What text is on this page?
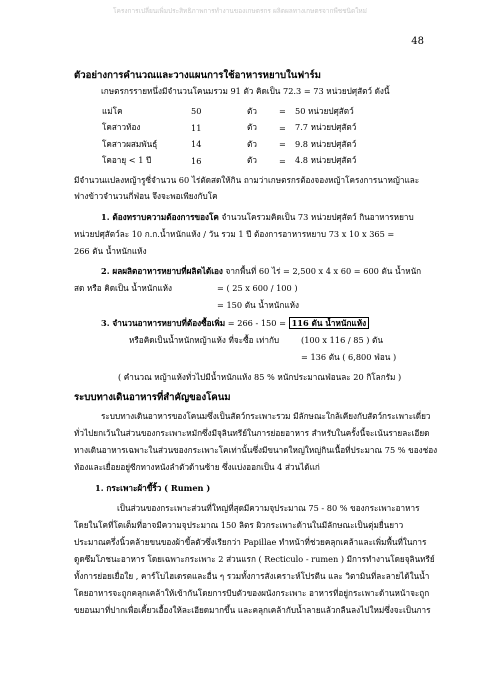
โครงการเปลี่ยนเพิ่มประสิทธิภาพการทำงานของเกษตรกร ผลิตผลทางเกษตรจากพืชชนิดใหม่
48
ตัวอย่างการคำนวณและวางแผนการใช้อาหารหยาบในฟาร์ม
เกษตรกรรายหนึ่งมีจำนวนโคนมรวม 91 ตัว คิดเป็น 72.3 = 73 หน่วยปศุสัตว์ ดังนี้
แม่โค	50	ตัว	=	50 หน่วยปศุสัตว์
โคสาวท้อง	11	ตัว	=	7.7 หน่วยปศุสัตว์
โคสาวผสมพันธุ์	14	ตัว	=	9.8 หน่วยปศุสัตว์
โคอายุ < 1 ปี	16	ตัว	=	4.8 หน่วยปศุสัตว์
มีจำนวนแปลงหญ้ารูซี่จำนวน 60 ไร่ตัดสดให้กิน ถามว่าเกษตรกรต้องจองหญ้าโครงการนาหญ้าและ
ฟางข้าวจำนวนกี่ฟ่อน จึงจะพอเพียงกับโค
1. ต้องทราบความต้องการของโค จำนวนโครวมคิดเป็น 73 หน่วยปศุสัตว์ กินอาหารหยาบ
หน่วยปศุสัตว์ละ 10 ก.ก.น้ำหนักแห้ง / วัน รวม 1 ปี ต้องการอาหารหยาบ 73 x 10 x 365 =
266 ตัน น้ำหนักแห้ง
2. ผลผลิตอาหารหยาบที่ผลิตได้เอง จากพื้นที่ 60 ไร่ = 2,500 x 4 x 60 = 600 ตัน น้ำหนัก
สด หรือ คิดเป็น น้ำหนักแห้ง	= ( 25 x 600 / 100 )
= 150 ตัน น้ำหนักแห้ง
3. จำนวนอาหารหยาบที่ต้องซื้อเพิ่ม = 266 - 150 = 116 ตัน น้ำหนักแห้ง
หรือคิดเป็นน้ำหนักหญ้าแห้ง ที่จะซื้อ เท่ากับ	(100 x 116 / 85 ) ตัน
= 136 ตัน ( 6,800 ฟ่อน )
( คำนวณ หญ้าแห้งทั่วไปมีน้ำหนักแห้ง 85 % หนักประมาณฟ่อนละ 20 กิโลกรัม )
ระบบทางเดินอาหารที่สำคัญของโคนม
ระบบทางเดินอาหารของโคนมซึ่งเป็นสัตว์กระเพาะรวม มีลักษณะใกล้เคียงกับสัตว์กระเพาะเดี่ยว
ทั่วไปยกเว้นในส่วนของกระเพาะหมักซึ่งมีจุลินทรีย์ในการย่อยอาหาร สำหรับในครั้งนี้จะเน้นรายละเอียด
ทางเดินอาหารเฉพาะในส่วนของกระเพาะโคเท่านั้นซึ่งมีขนาดใหญ่ใหญ่กินเนื้อที่ประมาณ 75 % ของช่อง
ท้องและเยื่อยอยู่ซีกทางหนังลำตัวด้านซ้าย ซึ่งแบ่งออกเป็น 4 ส่วนได้แก่
1. กระเพาะผ้าขี้ริ้ว ( Rumen )
เป็นส่วนของกระเพาะส่วนที่ใหญ่ที่สุดมีความจุประมาณ 75 - 80 % ของกระเพาะอาหาร
โดยในโคที่โตเต็มที่อาจมีความจุประมาณ 150 ลิตร ผิวกระเพาะด้านในมีลักษณะเป็นตุ่มยื่นยาว
ประมาณครึ่งนิ้วคล้ายขนของผ้าขี้ลตัวซึ่งเรียกว่า Papillae ทำหน้าที่ช่วยคลุกเคล้าและเพิ่มพื้นที่ในการ
ดูดซึมโภชนะอาหาร โดยเฉพาะกระเพาะ 2 ส่วนแรก ( Recticulo - rumen ) มีการทำงานโดยจุลินทรีย์
ทั้งการย่อยเยื่อใย , คาร์โบไฮเดรตและอื่น ๆ รวมทั้งการสังเคราะห์โปรตีน และ วิตามินที่ละลายได้ในน้ำ
โดยอาหารจะถูกคลุกเคล้าให้เข้ากันโดยการบีบตัวของผนังกระเพาะ อาหารที่อยู่กระเพาะด้านหน้าจะถูก
ขยอนมาที่ปากเพื่อเคี้ยวเอื้องให้ละเอียดมากขึ้น และคลุกเคล้ากับน้ำลายแล้วกลืนลงไปใหม่ซึ่งจะเป็นการ
